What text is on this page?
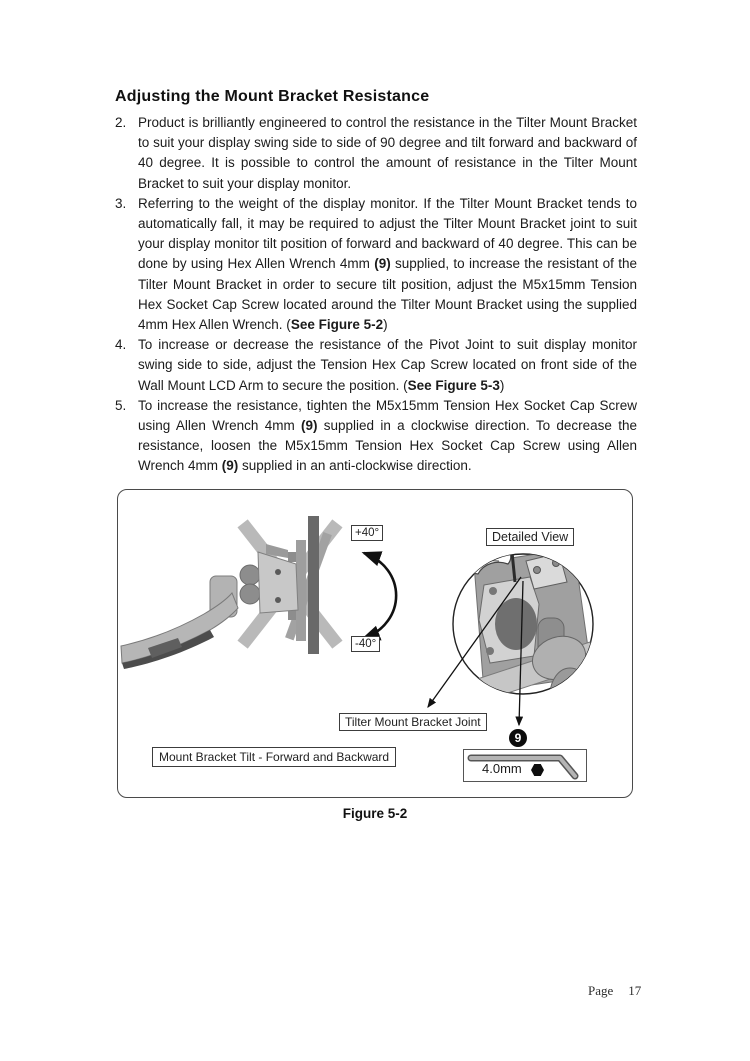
Adjusting the Mount Bracket Resistance
2. Product is brilliantly engineered to control the resistance in the Tilter Mount Bracket to suit your display swing side to side of 90 degree and tilt forward and backward of 40 degree. It is possible to control the amount of resistance in the Tilter Mount Bracket to suit your display monitor.

3. Referring to the weight of the display monitor. If the Tilter Mount Bracket tends to automatically fall, it may be required to adjust the Tilter Mount Bracket joint to suit your display monitor tilt position of forward and backward of 40 degree. This can be done by using Hex Allen Wrench 4mm (9) supplied, to increase the resistant of the Tilter Mount Bracket in order to secure tilt position, adjust the M5x15mm Tension Hex Socket Cap Screw located around the Tilter Mount Bracket using the supplied 4mm Hex Allen Wrench. (See Figure 5-2)

4. To increase or decrease the resistance of the Pivot Joint to suit display monitor swing side to side, adjust the Tension Hex Cap Screw located on front side of the Wall Mount LCD Arm to secure the position. (See Figure 5-3)

5. To increase the resistance, tighten the M5x15mm Tension Hex Socket Cap Screw using Allen Wrench 4mm (9) supplied in a clockwise direction. To decrease the resistance, loosen the M5x15mm Tension Hex Socket Cap Screw using Allen Wrench 4mm (9) supplied in an anti-clockwise direction.

+40°
-40°
Detailed View
Tilter Mount Bracket Joint
Mount Bracket Tilt - Forward and Backward
9
4.0mm
Figure 5-2
Page 17
